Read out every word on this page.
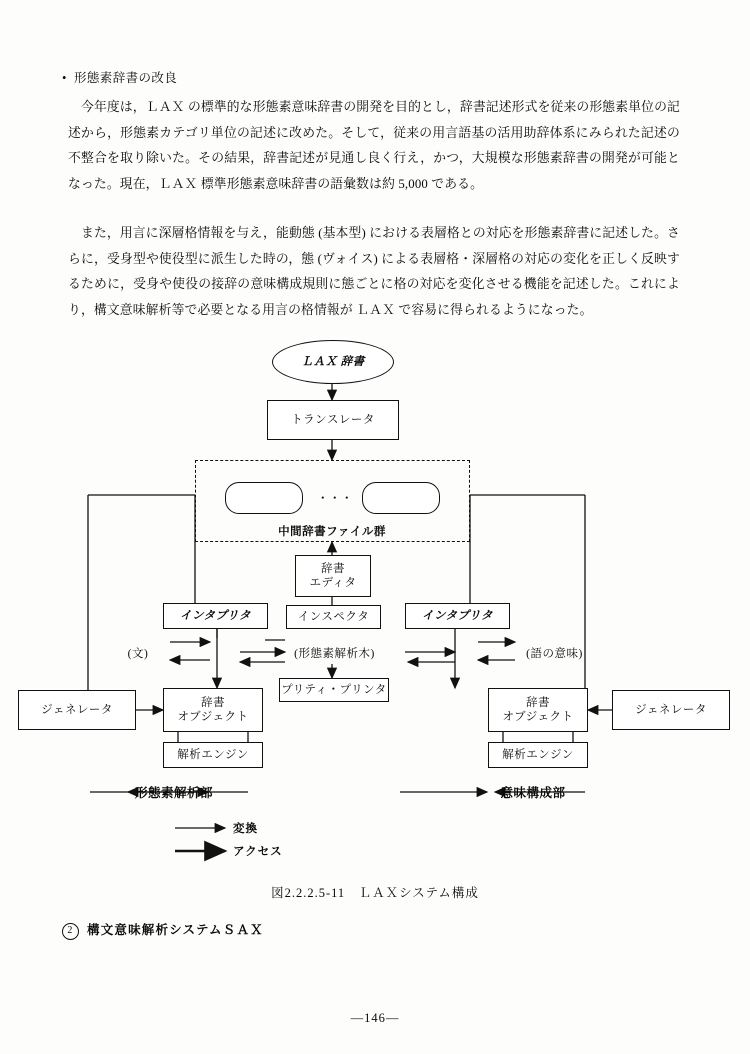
• 形態素辞書の改良
今年度は，ＬＡＸ の標準的な形態素意味辞書の開発を目的とし，辞書記述形式を従来の形態素単位の記述から，形態素カテゴリ単位の記述に改めた。そして，従来の用言語基の活用助辞体系にみられた記述の不整合を取り除いた。その結果，辞書記述が見通し良く行え，かつ，大規模な形態素辞書の開発が可能となった。現在，ＬＡＸ 標準形態素意味辞書の語彙数は約 5,000 である。
また，用言に深層格情報を与え，能動態 (基本型) における表層格との対応を形態素辞書に記述した。さらに，受身型や使役型に派生した時の，態 (ヴォイス) による表層格・深層格の対応の変化を正しく反映するために，受身や使役の接辞の意味構成規則に態ごとに格の対応を変化させる機能を記述した。これにより，構文意味解析等で必要となる用言の格情報が ＬＡＸ で容易に得られるようになった。
ＬＡＸ 辞書
トランスレータ
・・・
中間辞書ファイル群
辞書
エディタ
インスペクタ
インタプリタ	インタプリタ
プリティ・プリンタ
(文)	(形態素解析木)	(語の意味)
ジェネレータ	ジェネレータ
辞書
オブジェクト
辞書
オブジェクト
解析エンジン	解析エンジン
形態素解析部	意味構成部
変換
アクセス
図2.2.2.5-11　ＬＡＸシステム構成
2 構文意味解析システムＳＡＸ
—146—
